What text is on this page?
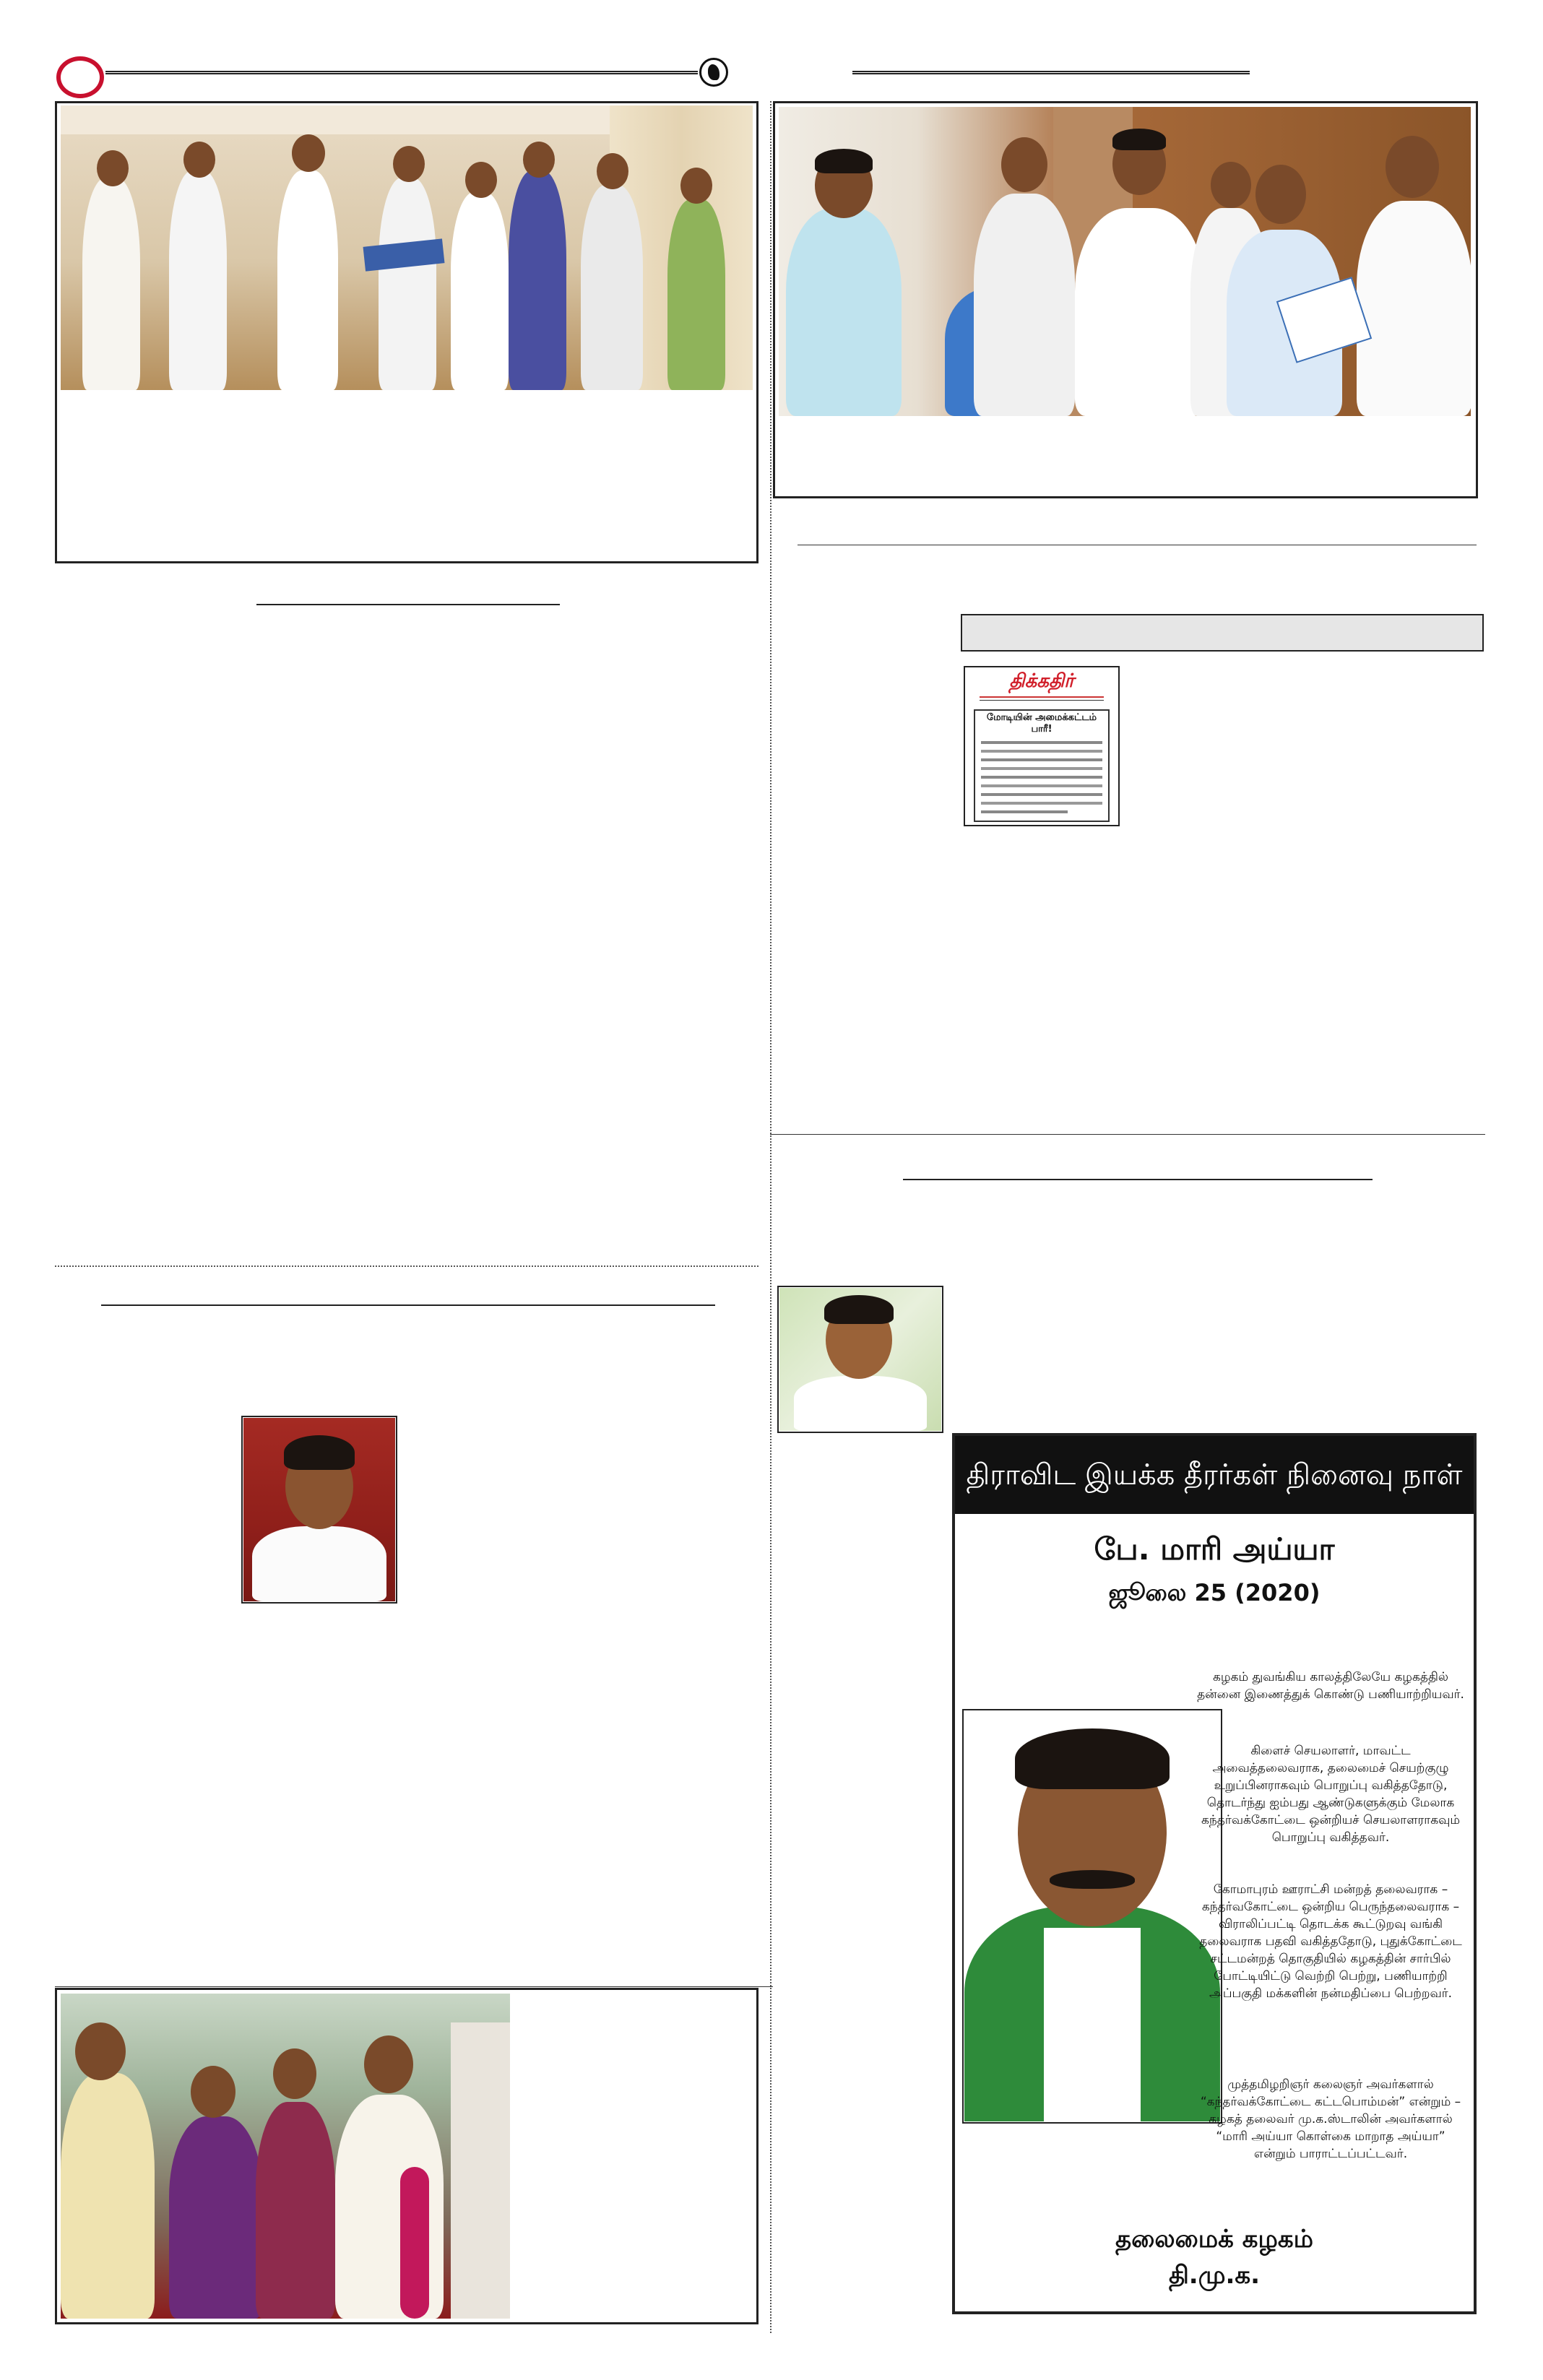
திக்கதிர்
மோடியின் அமைக்கட்டம் பாரீ!
திராவிட இயக்க தீரர்கள் நினைவு நாள்
பே. மாரி அய்யா
ஜூலை 25 (2020)
கழகம் துவங்கிய காலத்திலேயே கழகத்தில் தன்னை இணைத்துக் கொண்டு பணியாற்றியவர்.
கிளைச் செயலாளர், மாவட்ட அவைத்தலைவராக, தலைமைச் செயற்குழு உறுப்பினராகவும் பொறுப்பு வகித்ததோடு, தொடர்ந்து ஐம்பது ஆண்டுகளுக்கும் மேலாக கந்தர்வக்கோட்டை ஒன்றியச் செயலாளராகவும் பொறுப்பு வகித்தவர்.
கோமாபுரம் ஊராட்சி மன்றத் தலைவராக – கந்தர்வகோட்டை ஒன்றிய பெருந்தலைவராக – விராலிப்பட்டி தொடக்க கூட்டுறவு வங்கி தலைவராக பதவி வகித்ததோடு, புதுக்கோட்டை சட்டமன்றத் தொகுதியில் கழகத்தின் சார்பில் போட்டியிட்டு வெற்றி பெற்று, பணியாற்றி அப்பகுதி மக்களின் நன்மதிப்பை பெற்றவர்.
முத்தமிழறிஞர் கலைஞர் அவர்களால் “கந்தர்வக்கோட்டை கட்டபொம்மன்” என்றும் – கழகத் தலைவர் மு.க.ஸ்டாலின் அவர்களால் “மாரி அய்யா கொள்கை மாறாத அய்யா” என்றும் பாராட்டப்பட்டவர்.
தலைமைக் கழகம்
தி.மு.க.
